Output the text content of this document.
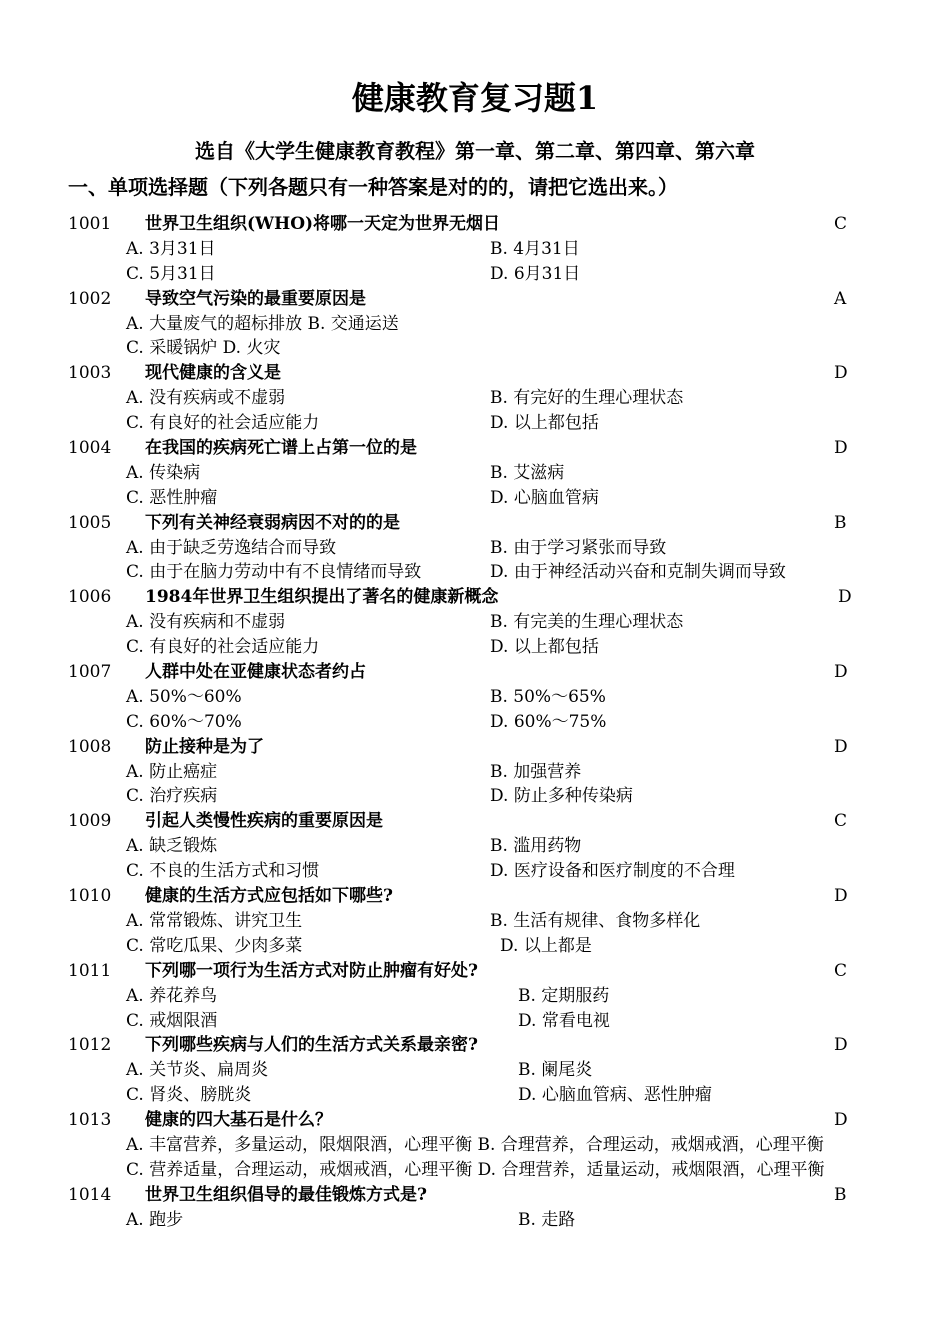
健康教育复习题1
选自《大学生健康教育教程》第一章、第二章、第四章、第六章
一、单项选择题（下列各题只有一种答案是对的的，请把它选出来。）
1001 世界卫生组织(WHO)将哪一天定为世界无烟日	C
A. 3月31日	B. 4月31日
C. 5月31日	D. 6月31日
1002 导致空气污染的最重要原因是	A
A. 大量废气的超标排放 B. 交通运送
C. 采暖锅炉 D. 火灾
1003 现代健康的含义是	D
A. 没有疾病或不虚弱	B. 有完好的生理心理状态
C. 有良好的社会适应能力	D. 以上都包括
1004 在我国的疾病死亡谱上占第一位的是	D
A. 传染病	B. 艾滋病
C. 恶性肿瘤	D. 心脑血管病
1005 下列有关神经衰弱病因不对的的是	B
A. 由于缺乏劳逸结合而导致	B. 由于学习紧张而导致
C. 由于在脑力劳动中有不良情绪而导致	D. 由于神经活动兴奋和克制失调而导致
1006 1984年世界卫生组织提出了著名的健康新概念	D
A. 没有疾病和不虚弱	B. 有完美的生理心理状态
C. 有良好的社会适应能力	D. 以上都包括
1007 人群中处在亚健康状态者约占	D
A. 50%～60%	B. 50%～65%
C. 60%～70%	D. 60%～75%
1008 防止接种是为了	D
A. 防止癌症	B. 加强营养
C. 治疗疾病	D. 防止多种传染病
1009 引起人类慢性疾病的重要原因是	C
A. 缺乏锻炼	B. 滥用药物
C. 不良的生活方式和习惯	D. 医疗设备和医疗制度的不合理
1010 健康的生活方式应包括如下哪些?	D
A. 常常锻炼、讲究卫生	B. 生活有规律、食物多样化
C. 常吃瓜果、少肉多菜	D. 以上都是
1011 下列哪一项行为生活方式对防止肿瘤有好处?	C
A. 养花养鸟	B. 定期服药
C. 戒烟限酒	D. 常看电视
1012 下列哪些疾病与人们的生活方式关系最亲密?	D
A. 关节炎、扁周炎	B. 阑尾炎
C. 肾炎、膀胱炎	D. 心脑血管病、恶性肿瘤
1013 健康的四大基石是什么？	D
A. 丰富营养，多量运动，限烟限酒，心理平衡 B. 合理营养，合理运动，戒烟戒酒，心理平衡
C. 营养适量，合理运动，戒烟戒酒，心理平衡 D. 合理营养，适量运动，戒烟限酒，心理平衡
1014 世界卫生组织倡导的最佳锻炼方式是?	B
A. 跑步	B. 走路
